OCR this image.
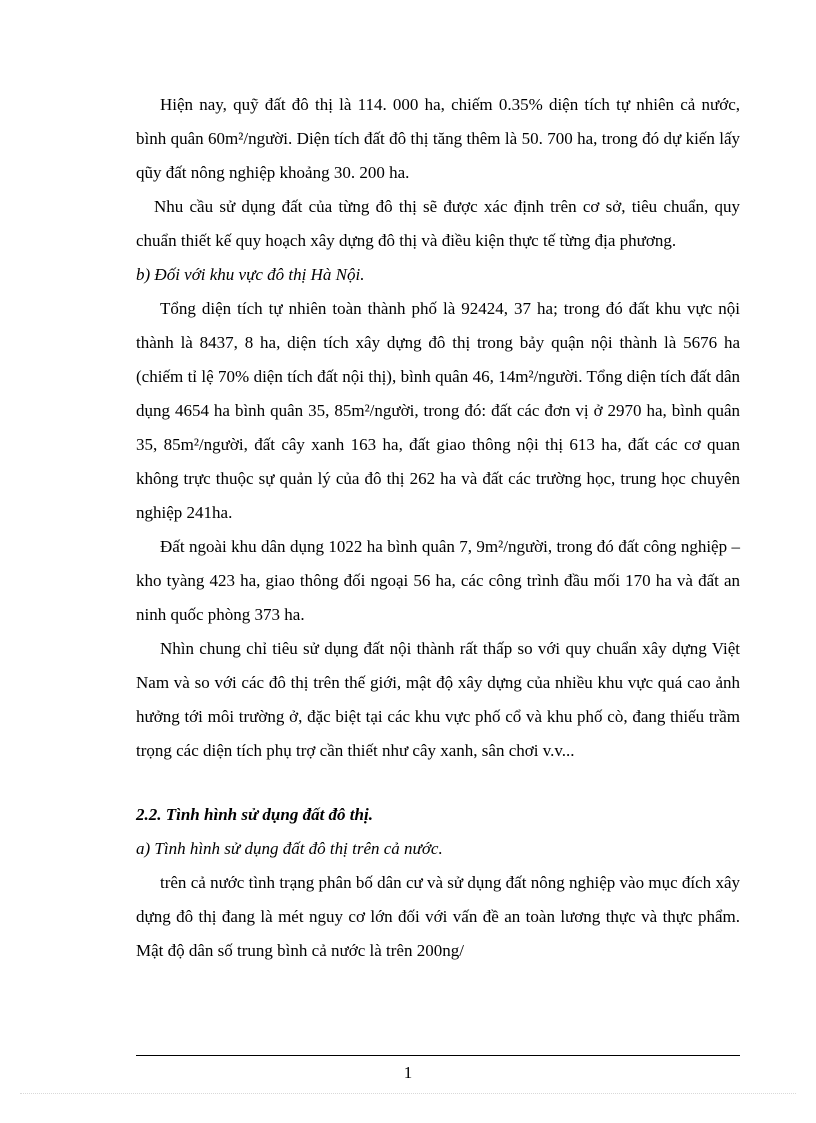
Hiện nay, quỹ đất đô thị là 114. 000 ha, chiếm 0.35% diện tích tự nhiên cả nước, bình quân 60m²/người. Diện tích đất đô thị tăng thêm là 50. 700 ha, trong đó dự kiến lấy qũy đất nông nghiệp khoảng 30. 200 ha.

Nhu cầu sử dụng đất của từng đô thị sẽ được xác định trên cơ sở, tiêu chuẩn, quy chuẩn thiết kế quy hoạch xây dựng đô thị và điều kiện thực tế từng địa phương.

b) Đối với khu vực đô thị Hà Nội.

Tổng diện tích tự nhiên toàn thành phố là 92424, 37 ha; trong đó đất khu vực nội thành là 8437, 8 ha, diện tích xây dựng đô thị trong bảy quận nội thành là 5676 ha (chiếm tỉ lệ 70% diện tích đất nội thị), bình quân 46, 14m²/người. Tổng diện tích đất dân dụng 4654 ha bình quân 35, 85m²/người, trong đó: đất các đơn vị ở 2970 ha, bình quân 35, 85m²/người, đất cây xanh 163 ha, đất giao thông nội thị 613 ha, đất các cơ quan không trực thuộc sự quản lý của đô thị 262 ha và đất các trường học, trung học chuyên nghiệp 241ha.

Đất ngoài khu dân dụng 1022 ha bình quân 7, 9m²/người, trong đó đất công nghiệp –kho tyàng 423 ha, giao thông đối ngoại 56 ha, các công trình đầu mối 170 ha và đất an ninh quốc phòng 373 ha.

Nhìn chung chỉ tiêu sử dụng đất nội thành rất thấp so với quy chuẩn xây dựng Việt Nam và so với các đô thị trên thế giới, mật độ xây dựng của nhiều khu vực quá cao ảnh hưởng tới môi trường ở, đặc biệt tại các khu vực phố cổ và khu phố cò, đang thiếu trầm trọng các diện tích phụ trợ cần thiết như cây xanh, sân chơi v.v...

2.2. Tình hình sử dụng đất đô thị.

a) Tình hình sử dụng đất đô thị trên cả nước.

trên cả nước tình trạng phân bố dân cư và sử dụng đất nông nghiệp vào mục đích xây dựng đô thị đang là mét nguy cơ lớn đối với vấn đề an toàn lương thực và thực phẩm. Mật độ dân số trung bình cả nước là trên 200ng/

1
